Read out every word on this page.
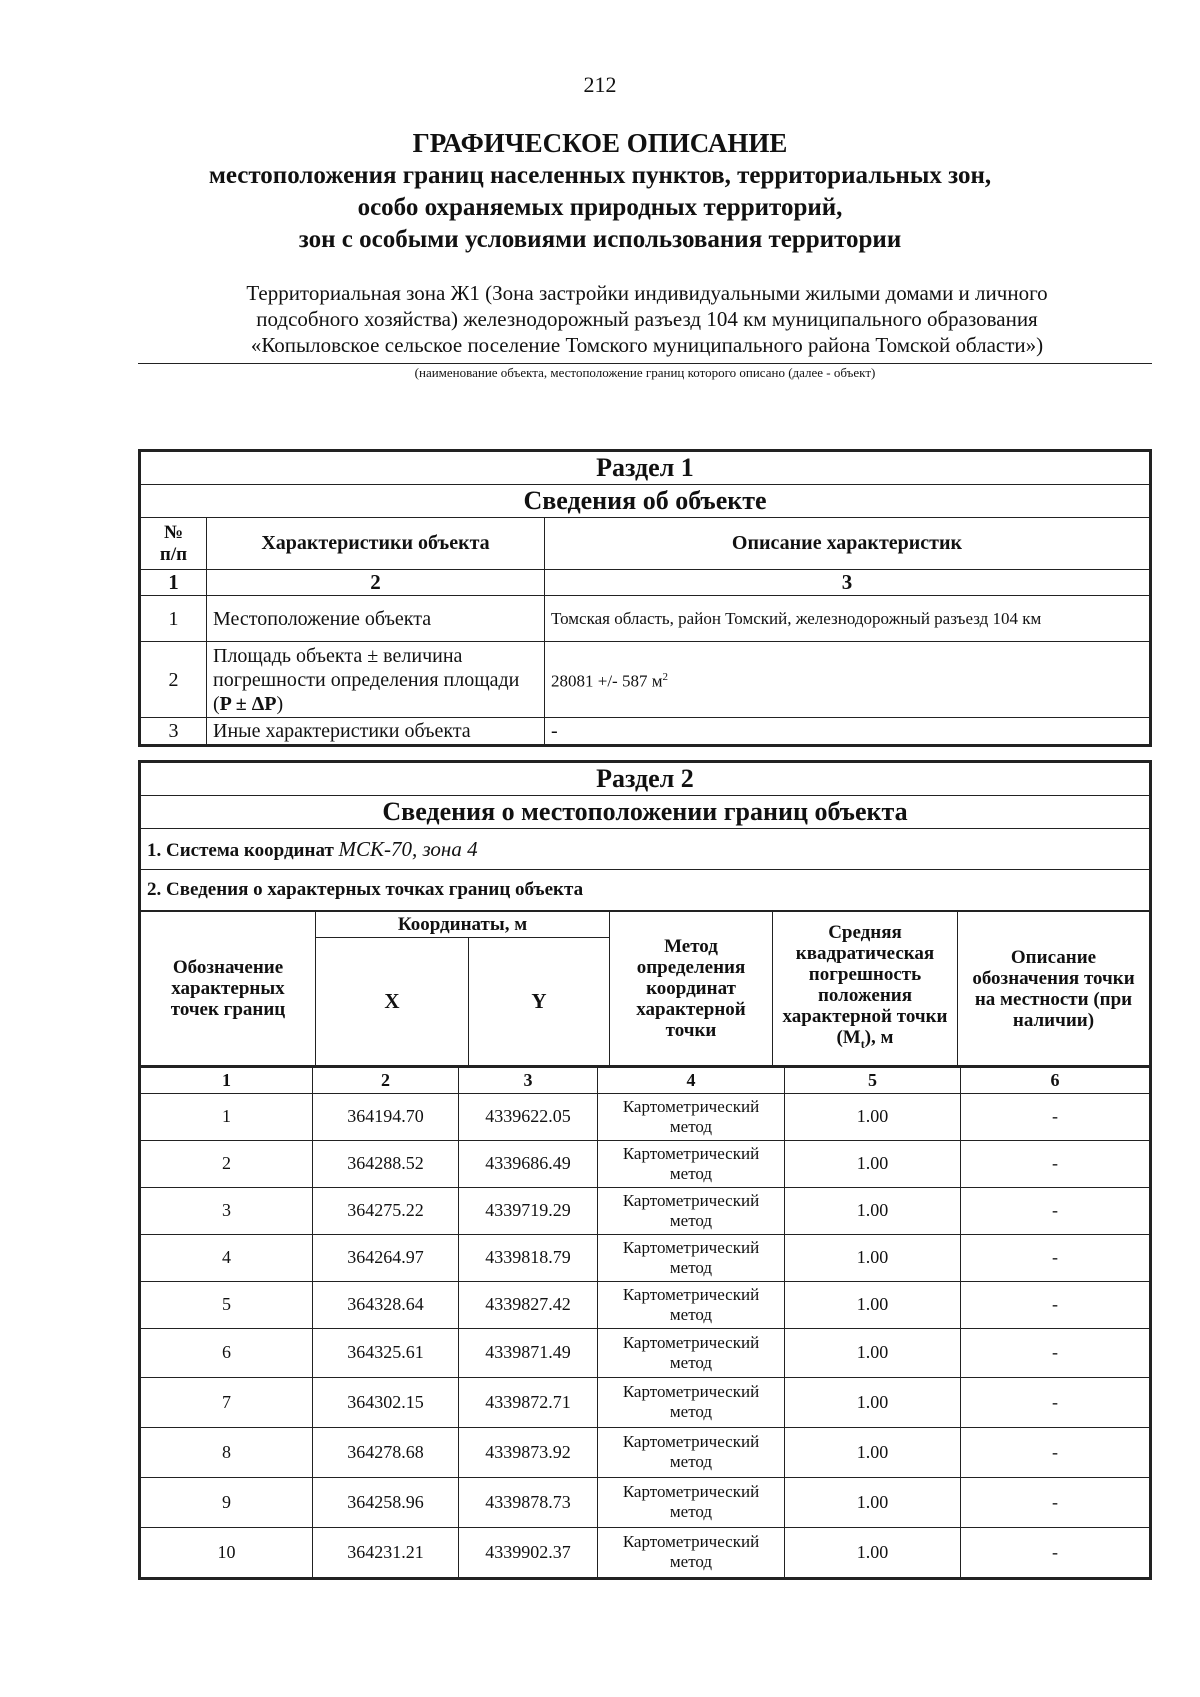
212
ГРАФИЧЕСКОЕ ОПИСАНИЕ
местоположения границ населенных пунктов, территориальных зон,
особо охраняемых природных территорий,
зон с особыми условиями использования территории
Территориальная зона Ж1 (Зона застройки индивидуальными жилыми домами и личного
подсобного хозяйства) железнодорожный разъезд 104 км муниципального образования
«Копыловское сельское поселение Томского муниципального района Томской области»)
(наименование объекта, местоположение границ которого описано (далее - объект)
Раздел 1		
Сведения об объекте		

№
п/п	Характеристики объекта	Описание характеристик
1	2	3
1	Местоположение объекта	Томская область, район Томский, железнодорожный разъезд 104 км
2	Площадь объекта ± величина погрешности определения площади (P ± ΔP)	28081 +/- 587 $м^2$
3	Иные характеристики объекта	-
Раздел 2
Сведения о местоположении границ объекта
1. Система координат МСК-70, зона 4
2. Сведения о характерных точках границ объекта
Обозначение характерных точек границ	Координаты, м		Метод определения координат характерной точки	Средняя квадратическая погрешность положения характерной точки $(M_t)$, м	Описание обозначения точки на местности (при наличии)
	X	Y			
1	2	3	4	5	6
1	364194.70	4339622.05	Картометрический метод	1.00	-
2	364288.52	4339686.49	Картометрический метод	1.00	-
3	364275.22	4339719.29	Картометрический метод	1.00	-
4	364264.97	4339818.79	Картометрический метод	1.00	-
5	364328.64	4339827.42	Картометрический метод	1.00	-
6	364325.61	4339871.49	Картометрический метод	1.00	-
7	364302.15	4339872.71	Картометрический метод	1.00	-
8	364278.68	4339873.92	Картометрический метод	1.00	-
9	364258.96	4339878.73	Картометрический метод	1.00	-
10	364231.21	4339902.37	Картометрический метод	1.00	-
